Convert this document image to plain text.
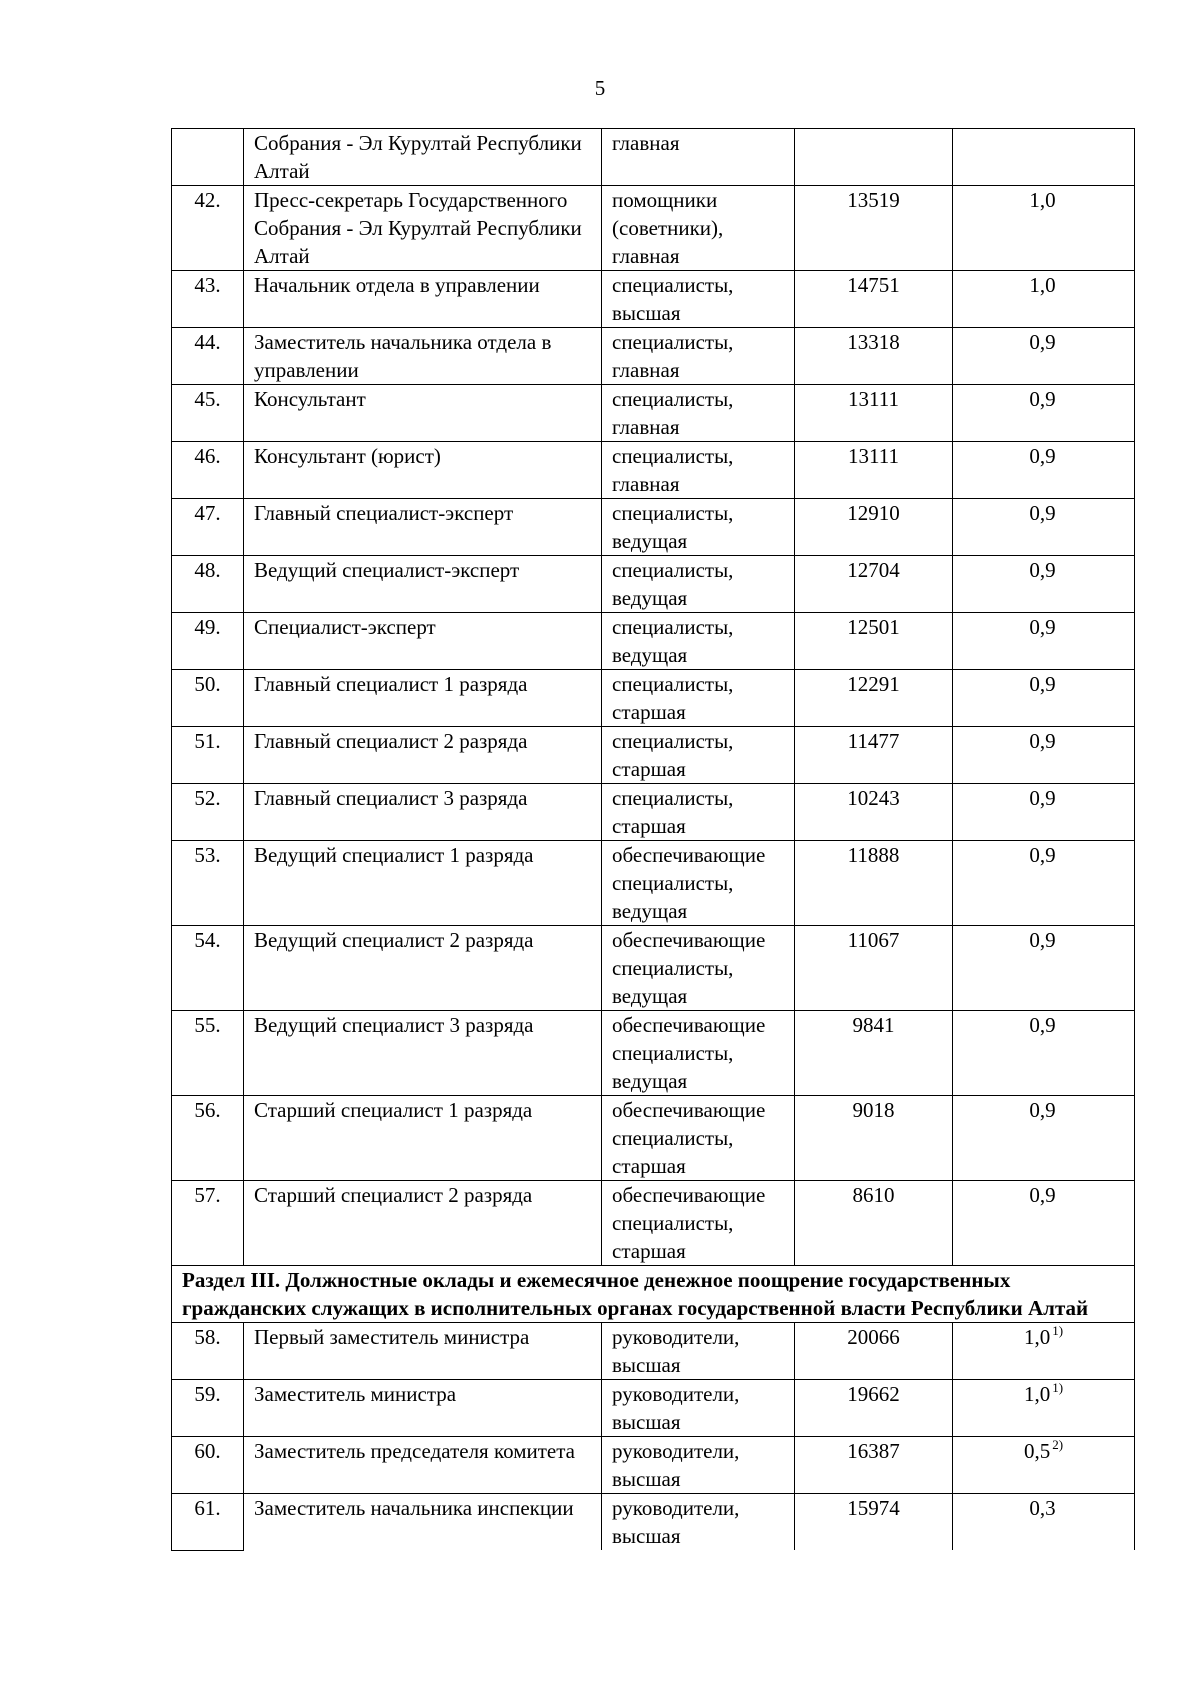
5
	Собрания - Эл Курултай Республики Алтай	главная		
42.	Пресс-секретарь Государственного Собрания - Эл Курултай Республики Алтай	помощники (советники), главная	13519	1,0
43.	Начальник отдела в управлении	специалисты, высшая	14751	1,0
44.	Заместитель начальника отдела в управлении	специалисты, главная	13318	0,9
45.	Консультант	специалисты, главная	13111	0,9
46.	Консультант (юрист)	специалисты, главная	13111	0,9
47.	Главный специалист-эксперт	специалисты, ведущая	12910	0,9
48.	Ведущий специалист-эксперт	специалисты, ведущая	12704	0,9
49.	Специалист-эксперт	специалисты, ведущая	12501	0,9
50.	Главный специалист 1 разряда	специалисты, старшая	12291	0,9
51.	Главный специалист 2 разряда	специалисты, старшая	11477	0,9
52.	Главный специалист 3 разряда	специалисты, старшая	10243	0,9
53.	Ведущий специалист 1 разряда	обеспечивающие специалисты, ведущая	11888	0,9
54.	Ведущий специалист 2 разряда	обеспечивающие специалисты, ведущая	11067	0,9
55.	Ведущий специалист 3 разряда	обеспечивающие специалисты, ведущая	9841	0,9
56.	Старший специалист 1 разряда	обеспечивающие специалисты, старшая	9018	0,9
57.	Старший специалист 2 разряда	обеспечивающие специалисты, старшая	8610	0,9
Раздел III. Должностные оклады и ежемесячное денежное поощрение государственных гражданских служащих в исполнительных органах государственной власти Республики Алтай				
58.	Первый заместитель министра	руководители, высшая	20066	1,0 $^{1)}$
59.	Заместитель министра	руководители, высшая	19662	1,0 $^{1)}$
60.	Заместитель председателя комитета	руководители, высшая	16387	0,5 $^{2)}$
61.	Заместитель начальника инспекции	руководители, высшая	15974	0,3
